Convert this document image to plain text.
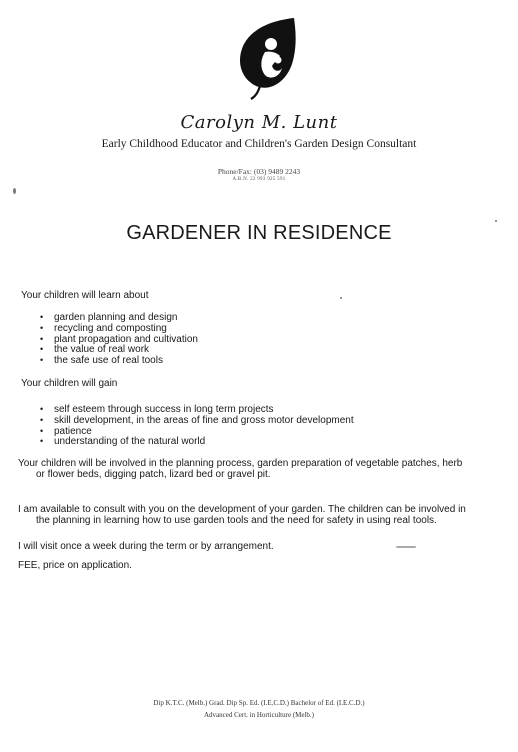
Carolyn M. Lunt
Early Childhood Educator and Children's Garden Design Consultant
Phone/Fax: (03) 9489 2243
A.B.N. 22 993 925 591
GARDENER IN RESIDENCE
Your children will learn about
• garden planning and design
• recycling and composting
• plant propagation and cultivation
• the value of real work
• the safe use of real tools
Your children will gain
• self esteem through success in long term projects
• skill development, in the areas of fine and gross motor development
• patience
• understanding of the natural world
Your children will be involved in the planning process, garden preparation of vegetable patches, herb
or flower beds, digging patch, lizard bed or gravel pit.
I am available to consult with you on the development of your garden. The children can be involved in
the planning in learning how to use garden tools and the need for safety in using real tools.
I will visit once a week during the term or by arrangement.
FEE, price on application.
Dip K.T.C. (Melb.) Grad. Dip Sp. Ed. (I.E.C.D.) Bachelor of Ed. (I.E.C.D.)
Advanced Cert. in Horticulture (Melb.)
